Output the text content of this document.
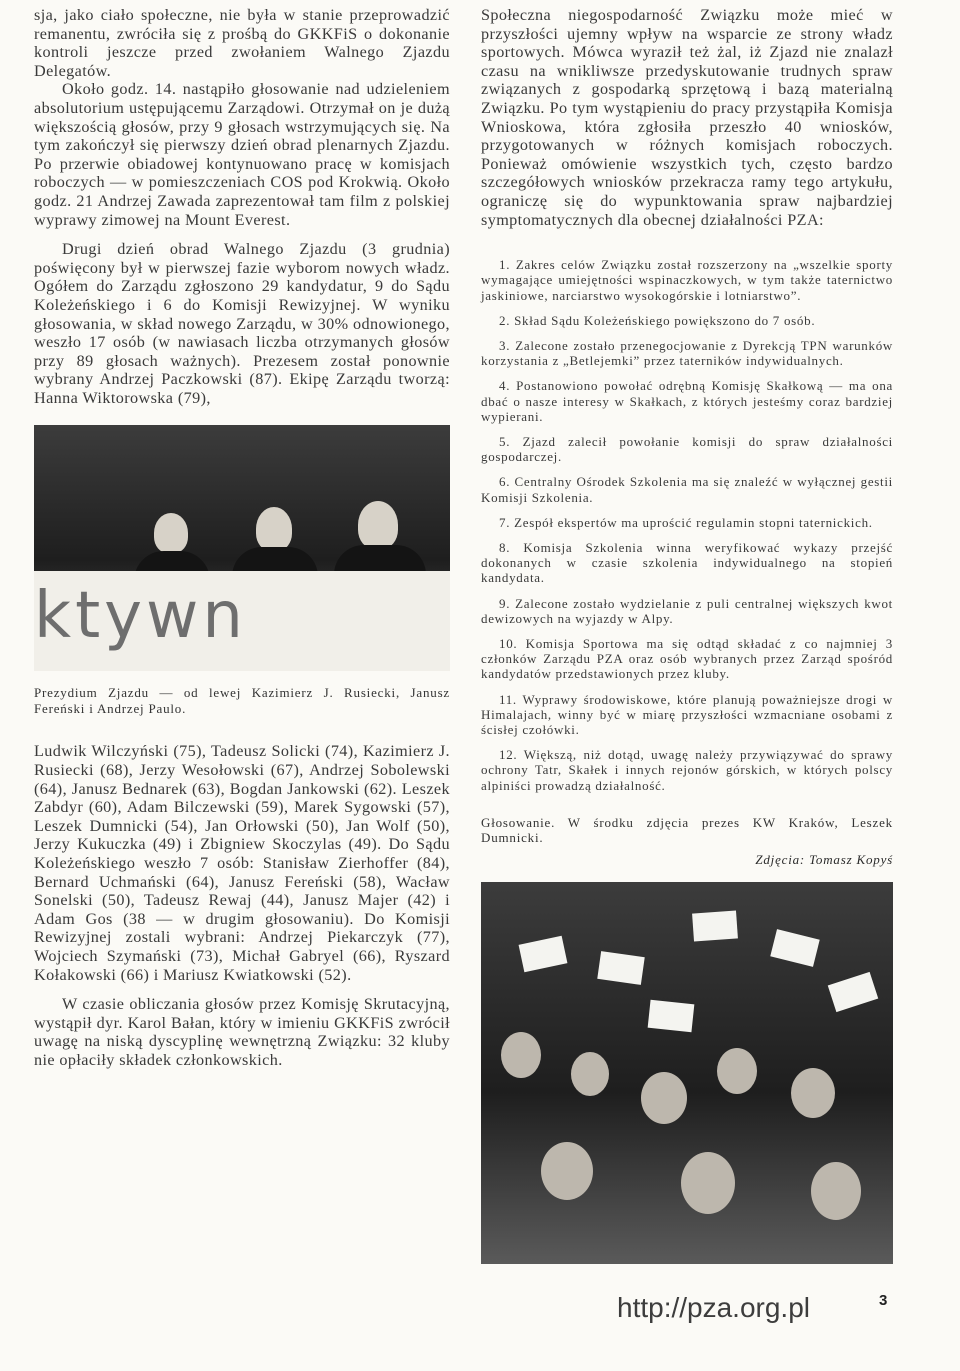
sja, jako ciało społeczne, nie była w stanie przeprowadzić remanentu, zwróciła się z prośbą do GKKFiS o dokonanie kontroli jeszcze przed zwołaniem Walnego Zjazdu Delegatów.

Około godz. 14. nastąpiło głosowanie nad udzieleniem absolutorium ustępującemu Zarządowi. Otrzymał on je dużą większością głosów, przy 9 głosach wstrzymujących się. Na tym zakończył się pierwszy dzień obrad plenarnych Zjazdu. Po przerwie obiadowej kontynuowano pracę w komisjach roboczych — w pomieszczeniach COS pod Krokwią. Około godz. 21 Andrzej Zawada zaprezentował tam film z polskiej wyprawy zimowej na Mount Everest.

Drugi dzień obrad Walnego Zjazdu (3 grudnia) poświęcony był w pierwszej fazie wyborom nowych władz. Ogółem do Zarządu zgłoszono 29 kandydatur, 9 do Sądu Koleżeńskiego i 6 do Komisji Rewizyjnej. W wyniku głosowania, w skład nowego Zarządu, w 30% odnowionego, weszło 17 osób (w nawiasach liczba otrzymanych głosów przy 89 głosach ważnych). Prezesem został ponownie wybrany Andrzej Paczkowski (87). Ekipę Zarządu tworzą: Hanna Wiktorowska (79),

ktywn

Prezydium Zjazdu — od lewej Kazimierz J. Rusiecki, Janusz Fereński i Andrzej Paulo.

Ludwik Wilczyński (75), Tadeusz Solicki (74), Kazimierz J. Rusiecki (68), Jerzy Wesołowski (67), Andrzej Sobolewski (64), Janusz Bednarek (63), Bogdan Jankowski (62). Leszek Zabdyr (60), Adam Bilczewski (59), Marek Sygowski (57), Leszek Dumnicki (54), Jan Orłowski (50), Jan Wolf (50), Jerzy Kukuczka (49) i Zbigniew Skoczylas (49). Do Sądu Koleżeńskiego weszło 7 osób: Stanisław Zierhoffer (84), Bernard Uchmański (64), Janusz Fereński (58), Wacław Sonelski (50), Tadeusz Rewaj (44), Janusz Majer (42) i Adam Gos (38 — w drugim głosowaniu). Do Komisji Rewizyjnej zostali wybrani: Andrzej Piekarczyk (77), Wojciech Szymański (73), Michał Gabryel (66), Ryszard Kołakowski (66) i Mariusz Kwiatkowski (52).

W czasie obliczania głosów przez Komisję Skrutacyjną, wystąpił dyr. Karol Bałan, który w imieniu GKKFiS zwrócił uwagę na niską dyscyplinę wewnętrzną Związku: 32 kluby nie opłaciły składek członkowskich.

Społeczna niegospodarność Związku może mieć w przyszłości ujemny wpływ na wsparcie ze strony władz sportowych. Mówca wyraził też żal, iż Zjazd nie znalazł czasu na wnikliwsze przedyskutowanie trudnych spraw związanych z gospodarką sprzętową i bazą materialną Związku. Po tym wystąpieniu do pracy przystąpiła Komisja Wnioskowa, która zgłosiła przeszło 40 wniosków, przygotowanych w różnych komisjach roboczych. Ponieważ omówienie wszystkich tych, często bardzo szczegółowych wniosków przekracza ramy tego artykułu, ograniczę się do wypunktowania spraw najbardziej symptomatycznych dla obecnej działalności PZA:

1. Zakres celów Związku został rozszerzony na „wszelkie sporty wymagające umiejętności wspinaczkowych, w tym także taternictwo jaskiniowe, narciarstwo wysokogórskie i lotniarstwo”.

2. Skład Sądu Koleżeńskiego powiększono do 7 osób.

3. Zalecone zostało przenegocjowanie z Dyrekcją TPN warunków korzystania z „Betlejemki” przez taterników indywidualnych.

4. Postanowiono powołać odrębną Komisję Skałkową — ma ona dbać o nasze interesy w Skałkach, z których jesteśmy coraz bardziej wypierani.

5. Zjazd zalecił powołanie komisji do spraw działalności gospodarczej.

6. Centralny Ośrodek Szkolenia ma się znaleźć w wyłącznej gestii Komisji Szkolenia.

7. Zespół ekspertów ma uprościć regulamin stopni taternickich.

8. Komisja Szkolenia winna weryfikować wykazy przejść dokonanych w czasie szkolenia indywidualnego na stopień kandydata.

9. Zalecone zostało wydzielanie z puli centralnej większych kwot dewizowych na wyjazdy w Alpy.

10. Komisja Sportowa ma się odtąd składać z co najmniej 3 członków Zarządu PZA oraz osób wybranych przez Zarząd spośród kandydatów przedstawionych przez kluby.

11. Wyprawy środowiskowe, które planują poważniejsze drogi w Himalajach, winny być w miarę przyszłości wzmacniane osobami z ścisłej czołówki.

12. Większą, niż dotąd, uwagę należy przywiązywać do sprawy ochrony Tatr, Skałek i innych rejonów górskich, w których polscy alpiniści prowadzą działalność.

Głosowanie. W środku zdjęcia prezes KW Kraków, Leszek Dumnicki.

Zdjęcia: Tomasz Kopyś

http://pza.org.pl	3
